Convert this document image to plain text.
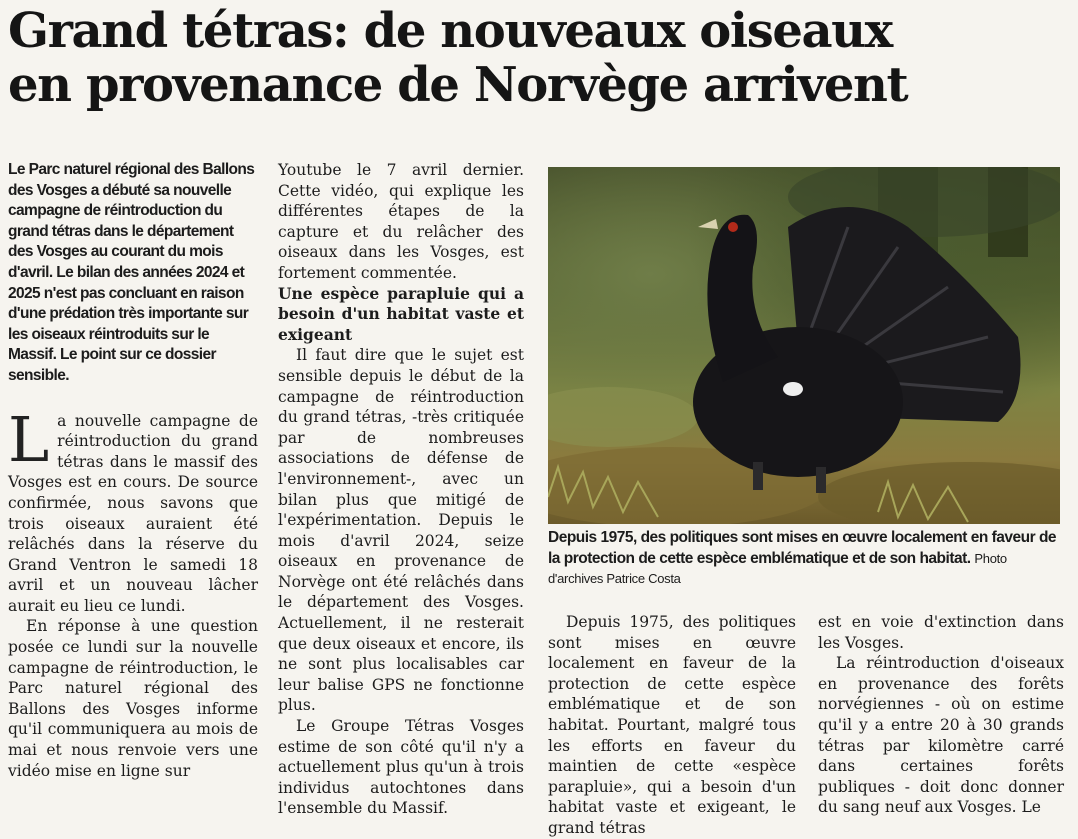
Grand tétras: de nouveaux oiseaux
en provenance de Norvège arrivent

Le Parc naturel régional des Ballons des Vosges a débuté sa nouvelle campagne de réintroduction du grand tétras dans le département des Vosges au courant du mois d'avril. Le bilan des années 2024 et 2025 n'est pas concluant en raison d'une prédation très importante sur les oiseaux réintroduits sur le Massif. Le point sur ce dossier sensible.

L a nouvelle campagne de réintroduction du grand tétras dans le massif des Vosges est en cours. De source confirmée, nous savons que trois oiseaux auraient été relâchés dans la réserve du Grand Ventron le samedi 18 avril et un nouveau lâcher aurait eu lieu ce lundi.

En réponse à une question posée ce lundi sur la nouvelle campagne de réintroduction, le Parc naturel régional des Ballons des Vosges informe qu'il communiquera au mois de mai et nous renvoie vers une vidéo mise en ligne sur

Youtube le 7 avril dernier. Cette vidéo, qui explique les différentes étapes de la capture et du relâcher des oiseaux dans les Vosges, est fortement commentée.

Une espèce parapluie qui a besoin d'un habitat vaste et exigeant

Il faut dire que le sujet est sensible depuis le début de la campagne de réintroduction du grand tétras, -très critiquée par de nombreuses associations de défense de l'environnement-, avec un bilan plus que mitigé de l'expérimentation. Depuis le mois d'avril 2024, seize oiseaux en provenance de Norvège ont été relâchés dans le département des Vosges. Actuellement, il ne resterait que deux oiseaux et encore, ils ne sont plus localisables car leur balise GPS ne fonctionne plus.

Le Groupe Tétras Vosges estime de son côté qu'il n'y a actuellement plus qu'un à trois individus autochtones dans l'ensemble du Massif.

Depuis 1975, des politiques sont mises en œuvre localement en faveur de la protection de cette espèce emblématique et de son habitat. Photo d'archives Patrice Costa

Depuis 1975, des politiques sont mises en œuvre localement en faveur de la protection de cette espèce emblématique et de son habitat. Pourtant, malgré tous les efforts en faveur du maintien de cette «espèce parapluie», qui a besoin d'un habitat vaste et exigeant, le grand tétras

est en voie d'extinction dans les Vosges.

La réintroduction d'oiseaux en provenance des forêts norvégiennes - où on estime qu'il y a entre 20 à 30 grands tétras par kilomètre carré dans certaines forêts publiques - doit donc donner du sang neuf aux Vosges. Le
